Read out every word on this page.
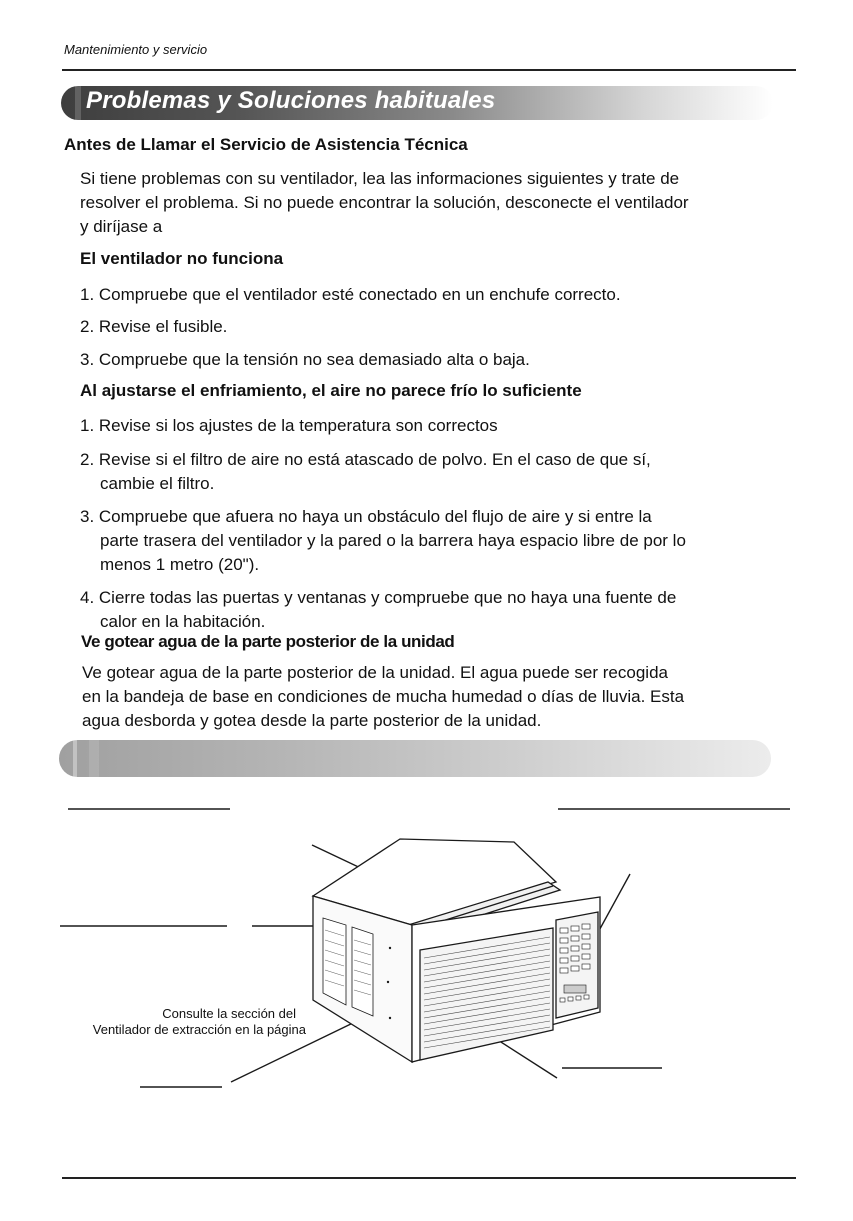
Mantenimiento y servicio
Problemas y Soluciones habituales
Antes de Llamar el Servicio de Asistencia Técnica
Si tiene problemas con su ventilador, lea las informaciones siguientes y trate de
resolver el problema. Si no puede encontrar la solución, desconecte el ventilador
y diríjase a
El ventilador no funciona
1. Compruebe que el ventilador esté conectado en un enchufe correcto.
2. Revise el fusible.
3. Compruebe que la tensión no sea demasiado alta o baja.
Al ajustarse el enfriamiento, el aire no parece frío lo suficiente
1. Revise si los ajustes de la temperatura son correctos
2. Revise si el filtro de aire no está atascado de polvo. En el caso de que sí,
cambie el filtro.
3. Compruebe que afuera no haya un obstáculo del flujo de aire y si entre la
parte trasera del ventilador y la pared o la barrera haya espacio libre de por lo
menos 1 metro (20").
4. Cierre todas las puertas y ventanas y compruebe que no haya una fuente de
calor en la habitación.
Ve gotear agua de la parte posterior de la unidad
Ve gotear agua de la parte posterior de la unidad. El agua puede ser recogida
en la bandeja de base en condiciones de mucha humedad o días de lluvia. Esta
agua desborda y gotea desde la parte posterior de la unidad.
Consulte la sección del
Ventilador de extracción en la página
